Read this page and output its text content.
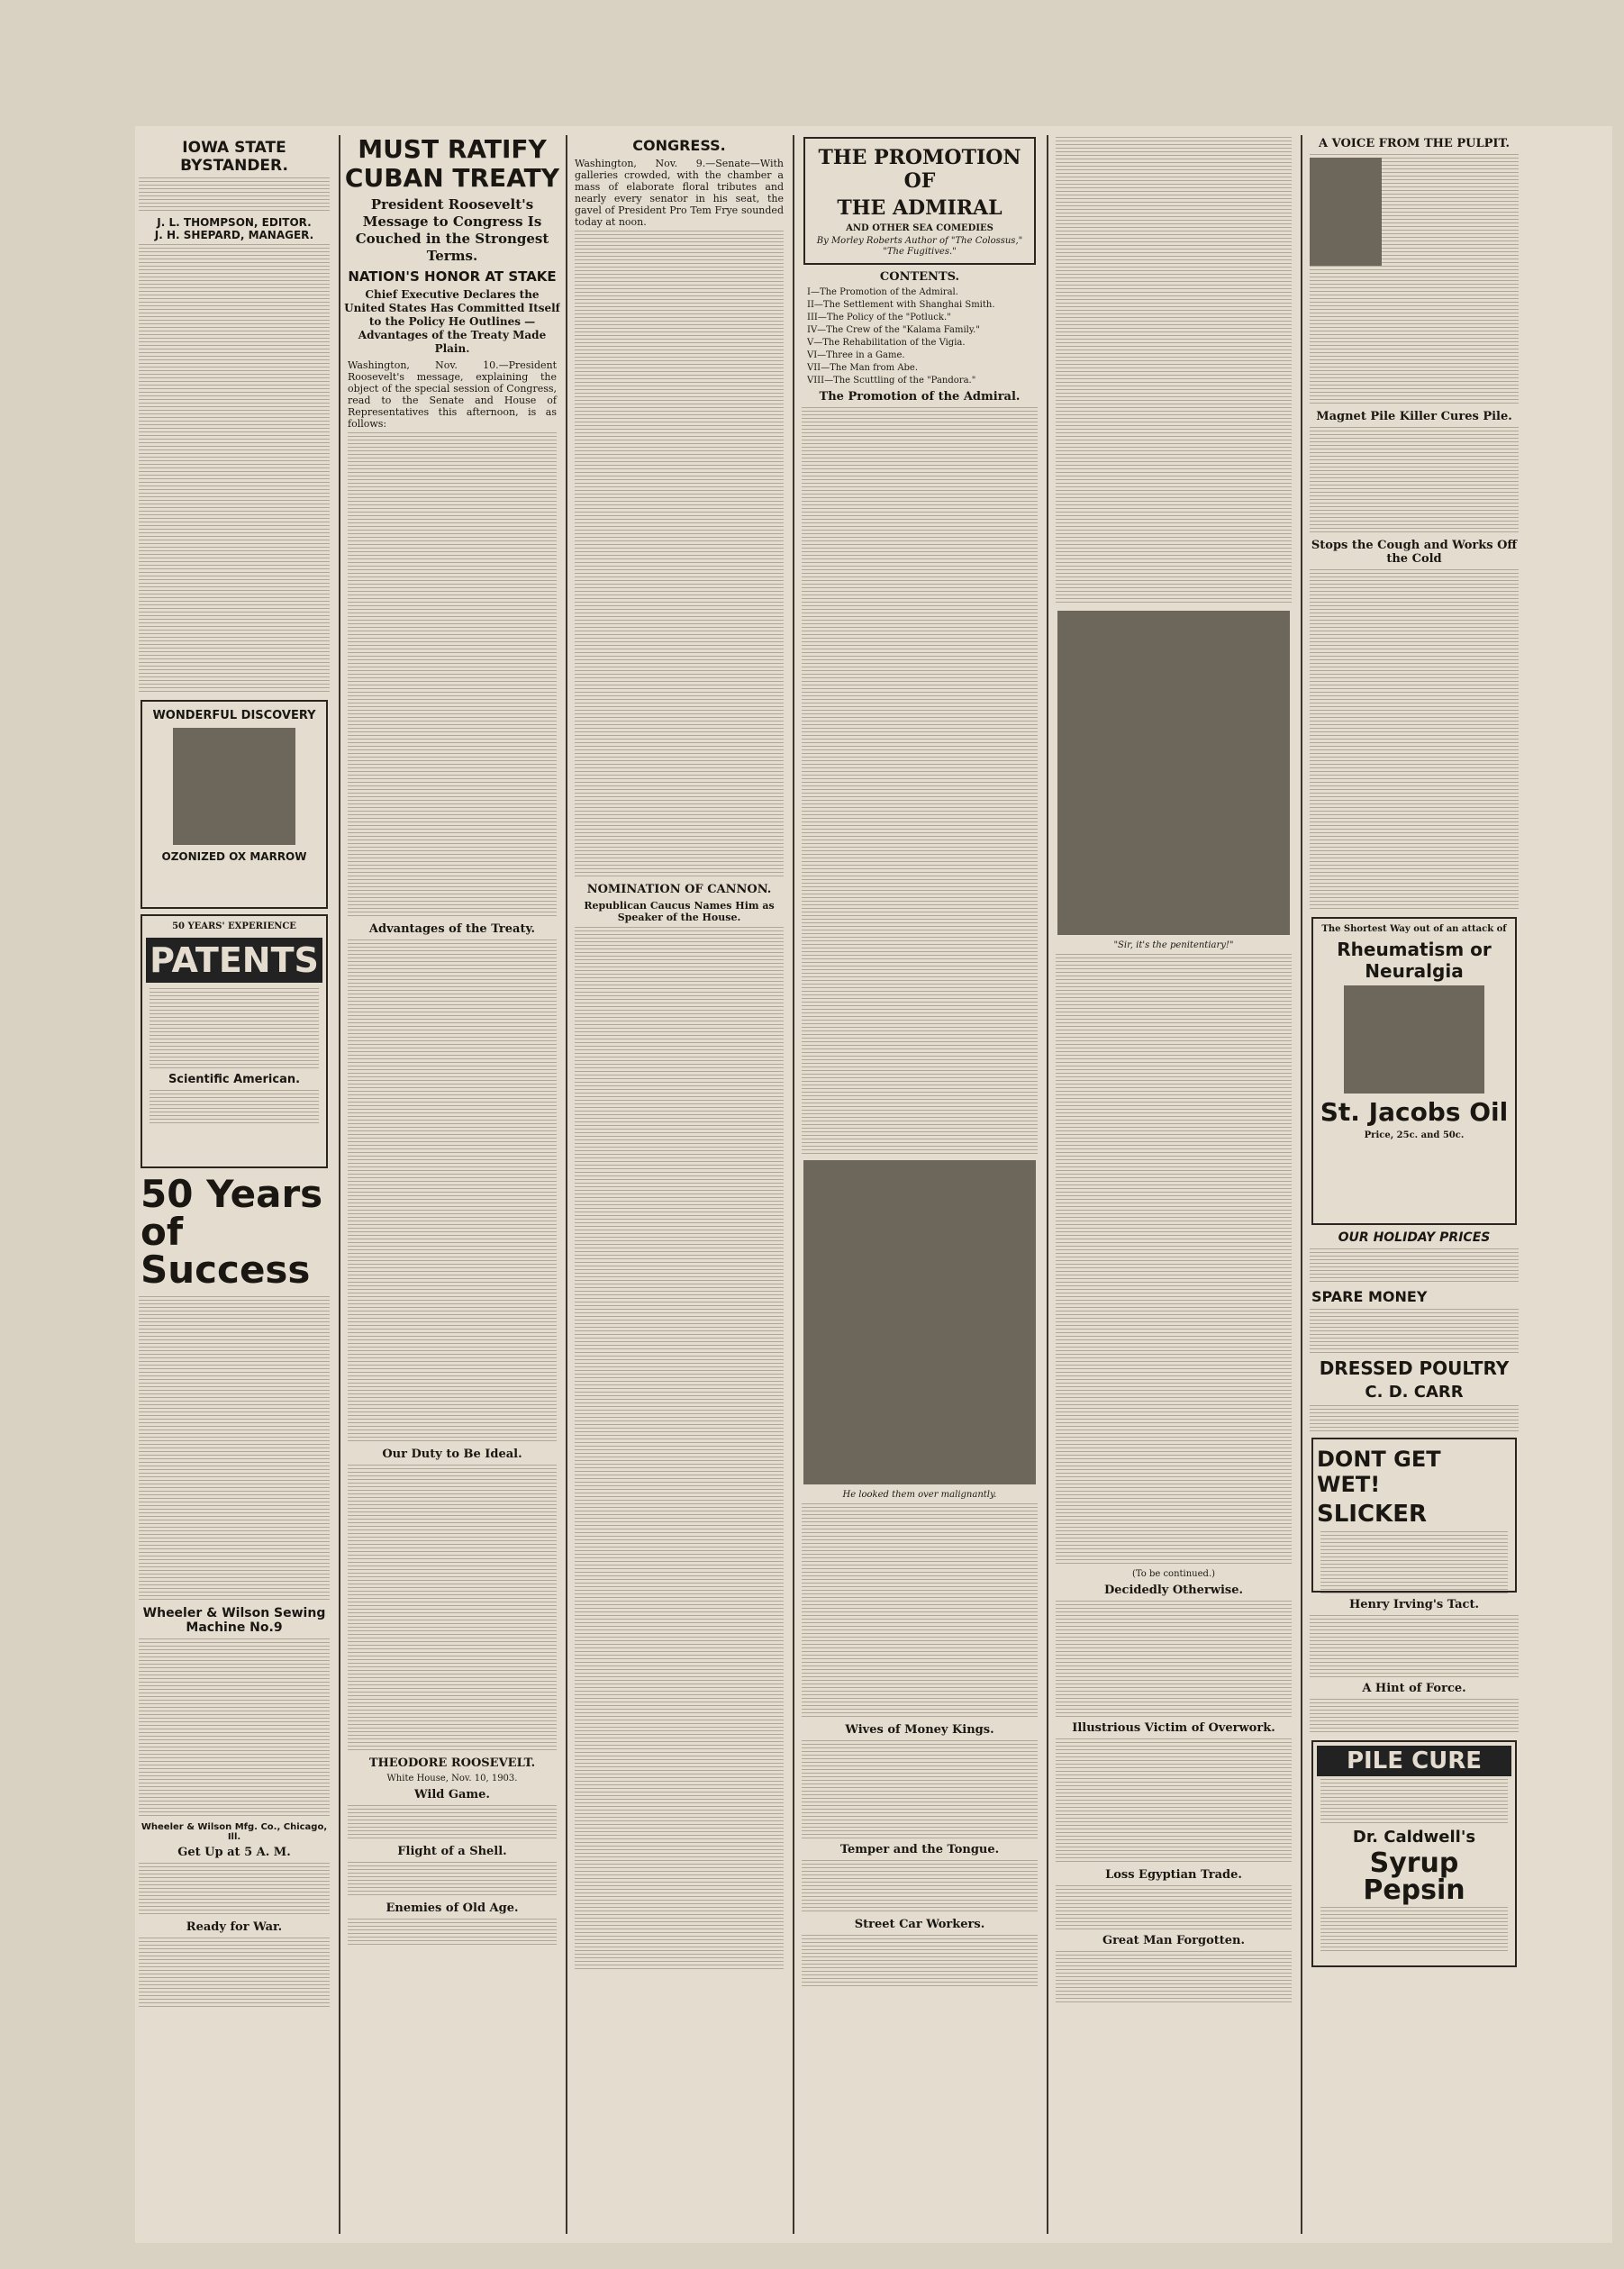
IOWA STATE BYSTANDER.
J. L. THOMPSON, EDITOR.
J. H. SHEPARD, MANAGER.
WONDERFUL DISCOVERY
OZONIZED OX MARROW
50 YEARS' EXPERIENCE
PATENTS
Scientific American.
50 Years of Success
Wheeler & Wilson Sewing Machine No.9
Wheeler & Wilson Mfg. Co., Chicago, Ill.
Get Up at 5 A. M.
Ready for War.
MUST RATIFY CUBAN TREATY
President Roosevelt's Message to Congress Is Couched in the Strongest Terms.
NATION'S HONOR AT STAKE
Chief Executive Declares the United States Has Committed Itself to the Policy He Outlines —Advantages of the Treaty Made Plain.
Washington, Nov. 10.—President Roosevelt's message, explaining the object of the special session of Congress, read to the Senate and House of Representatives this afternoon, is as follows:
Advantages of the Treaty.
Our Duty to Be Ideal.
THEODORE ROOSEVELT.
White House, Nov. 10, 1903.
Wild Game.
Flight of a Shell.
Enemies of Old Age.
CONGRESS.
Washington, Nov. 9.—Senate—With galleries crowded, with the chamber a mass of elaborate floral tributes and nearly every senator in his seat, the gavel of President Pro Tem Frye sounded today at noon.
NOMINATION OF CANNON.
Republican Caucus Names Him as Speaker of the House.
THE PROMOTION OF
THE ADMIRAL
AND OTHER SEA COMEDIES
By Morley Roberts Author of "The Colossus," "The Fugitives."
CONTENTS.
I—The Promotion of the Admiral.
II—The Settlement with Shanghai Smith.
III—The Policy of the "Potluck."
IV—The Crew of the "Kalama Family."
V—The Rehabilitation of the Vigia.
VI—Three in a Game.
VII—The Man from Abe.
VIII—The Scuttling of the "Pandora."
The Promotion of the Admiral.
He looked them over malignantly.
Wives of Money Kings.
Temper and the Tongue.
Street Car Workers.
"Sir, it's the penitentiary!"
(To be continued.)
Decidedly Otherwise.
Illustrious Victim of Overwork.
Loss Egyptian Trade.
Great Man Forgotten.
A VOICE FROM THE PULPIT.
Magnet Pile Killer Cures Pile.
Stops the Cough and Works Off the Cold
The Shortest Way out of an attack of
Rheumatism or Neuralgia
St. Jacobs Oil
Price, 25c. and 50c.
OUR HOLIDAY PRICES
SPARE MONEY
DRESSED POULTRY
C. D. CARR
DONT GET WET!
SLICKER
Henry Irving's Tact.
A Hint of Force.
PILE CURE
Dr. Caldwell's
Syrup Pepsin
